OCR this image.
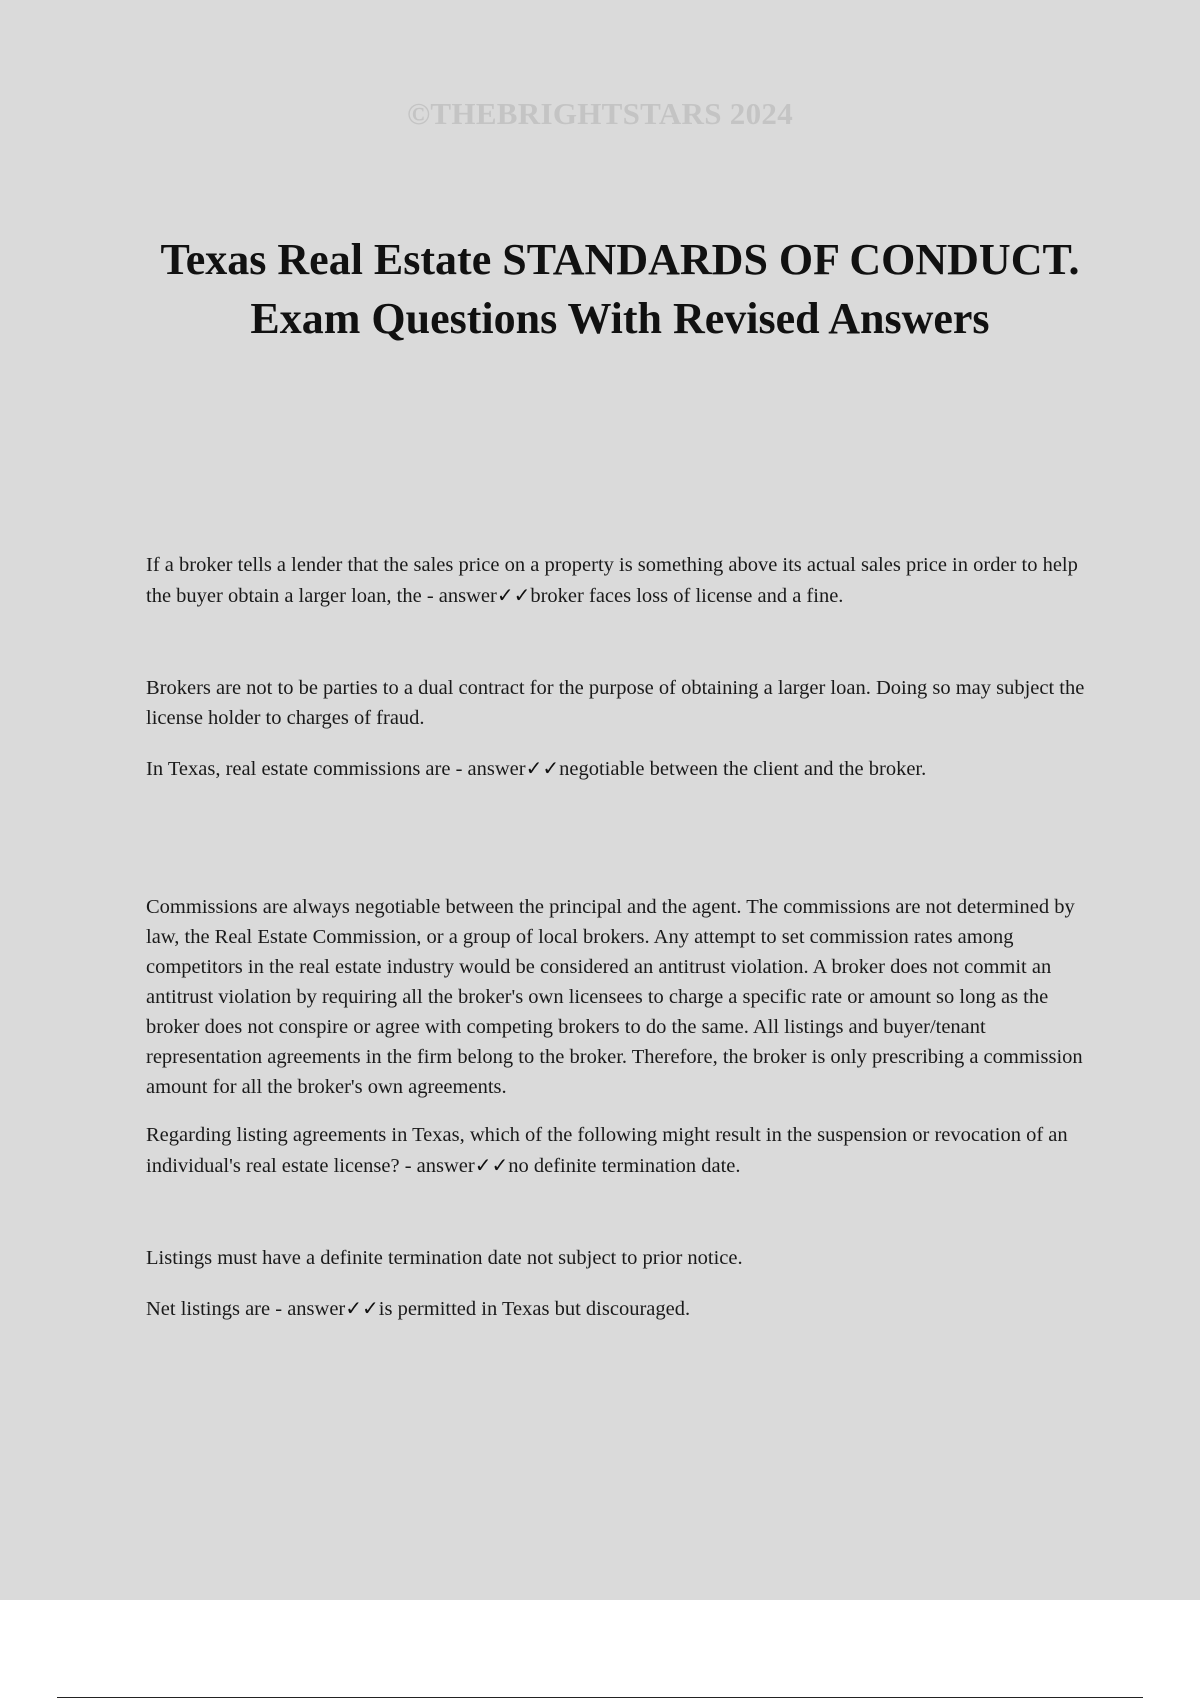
©THEBRIGHTSTARS 2024
Texas Real Estate STANDARDS OF CONDUCT. Exam Questions With Revised Answers

If a broker tells a lender that the sales price on a property is something above its actual sales price in order to help the buyer obtain a larger loan, the - answer✓✓broker faces loss of license and a fine.

Brokers are not to be parties to a dual contract for the purpose of obtaining a larger loan. Doing so may subject the license holder to charges of fraud.

In Texas, real estate commissions are - answer✓✓negotiable between the client and the broker.

Commissions are always negotiable between the principal and the agent. The commissions are not determined by law, the Real Estate Commission, or a group of local brokers. Any attempt to set commission rates among competitors in the real estate industry would be considered an antitrust violation. A broker does not commit an antitrust violation by requiring all the broker's own licensees to charge a specific rate or amount so long as the broker does not conspire or agree with competing brokers to do the same. All listings and buyer/tenant representation agreements in the firm belong to the broker. Therefore, the broker is only prescribing a commission amount for all the broker's own agreements.

Regarding listing agreements in Texas, which of the following might result in the suspension or revocation of an individual's real estate license? - answer✓✓no definite termination date.

Listings must have a definite termination date not subject to prior notice.

Net listings are - answer✓✓is permitted in Texas but discouraged.
